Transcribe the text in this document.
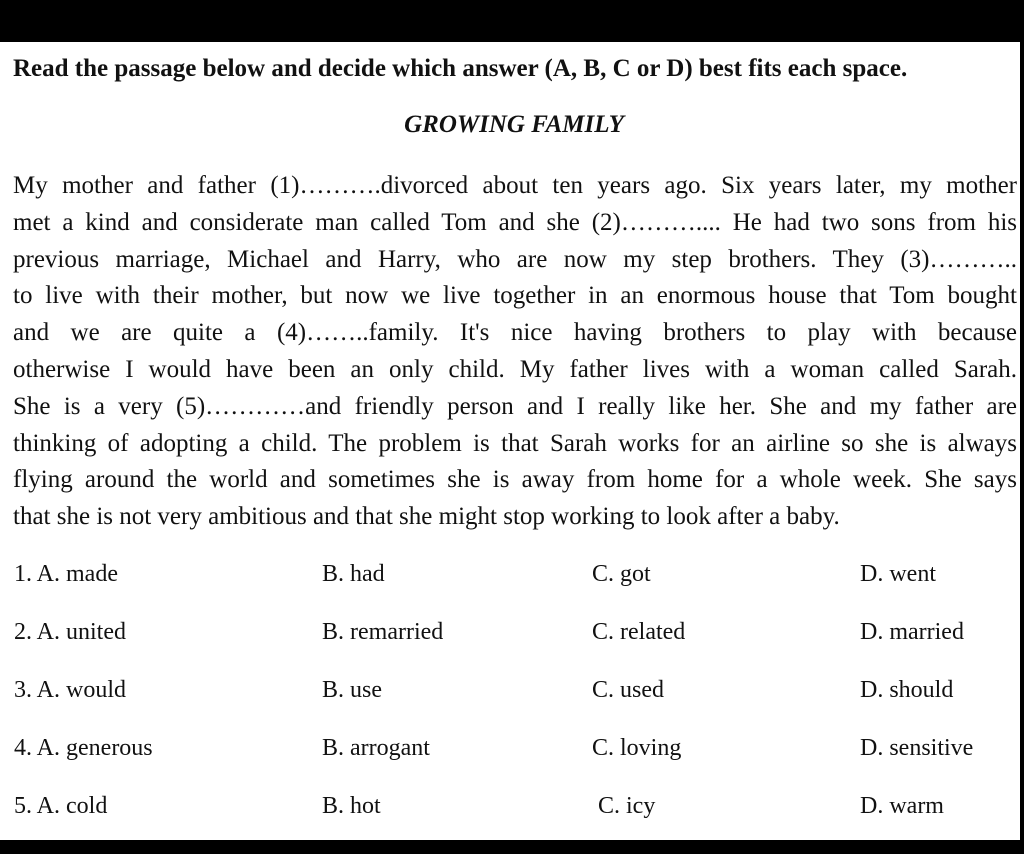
Read the passage below and decide which answer (A, B, C or D) best fits each space.

GROWING FAMILY

My mother and father (1)……….divorced about ten years ago. Six years later, my mother
met a kind and considerate man called Tom and she (2)……….... He had two sons from his
previous marriage, Michael and Harry, who are now my step brothers. They (3)………..
to live with their mother, but now we live together in an enormous house that Tom bought
and we are quite a (4)……..family. It's nice having brothers to play with because
otherwise I would have been an only child. My father lives with a woman called Sarah.
She is a very (5)…………and friendly person and I really like her. She and my father are
thinking of adopting a child. The problem is that Sarah works for an airline so she is always
flying around the world and sometimes she is away from home for a whole week. She says
that she is not very ambitious and that she might stop working to look after a baby.
1. A. made	B. had	C. got	D. went
2. A. united	B. remarried	C. related	D. married
3. A. would	B. use	C. used	D. should
4. A. generous	B. arrogant	C. loving	D. sensitive
5. A. cold	B. hot	C. icy	D. warm
